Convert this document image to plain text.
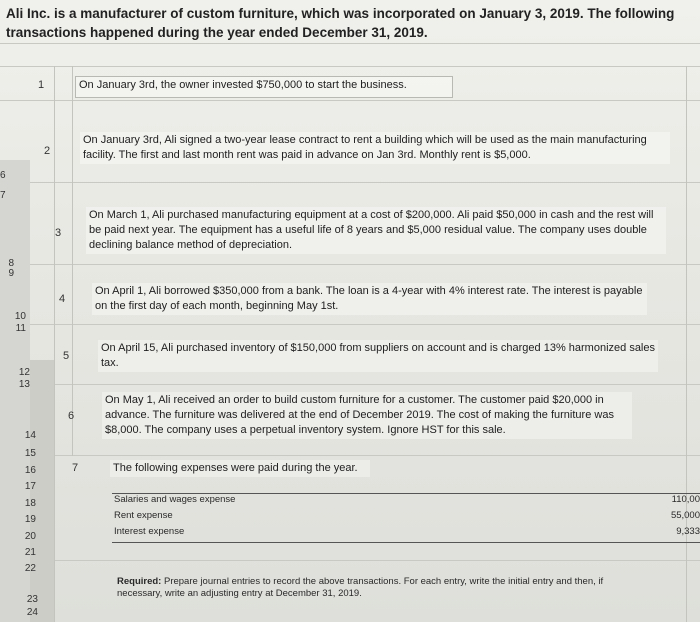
Ali Inc. is a manufacturer of custom furniture, which was incorporated on January 3, 2019. The following transactions happened during the year ended December 31, 2019.
6
7
8
9
10
11
12
13
14
15
16
17
18
19
20
21
22
23
24
1
2
3
4
5
6
7
On January 3rd, the owner invested $750,000 to start the business.
On January 3rd, Ali signed a two-year lease contract to rent a building which will be used as the main manufacturing facility. The first and last month rent was paid in advance on Jan 3rd. Monthly rent is $5,000.
On March 1, Ali purchased manufacturing equipment at a cost of $200,000. Ali paid $50,000 in cash and the rest will be paid next year. The equipment has a useful life of 8 years and $5,000 residual value. The company uses double declining balance method of depreciation.
On April 1, Ali borrowed $350,000 from a bank. The loan is a 4-year with 4% interest rate. The interest is payable on the first day of each month, beginning May 1st.
On April 15, Ali purchased inventory of $150,000 from suppliers on account and is charged 13% harmonized sales tax.
On May 1, Ali received an order to build custom furniture for a customer. The customer paid $20,000 in advance. The furniture was delivered at the end of December 2019. The cost of making the furniture was $8,000. The company uses a perpetual inventory system. Ignore HST for this sale.
The following expenses were paid during the year.
Salaries and wages expense	110,00
Rent expense	55,000
Interest expense	9,333
Required: Prepare journal entries to record the above transactions. For each entry, write the initial entry and then, if necessary, write an adjusting entry at December 31, 2019.
